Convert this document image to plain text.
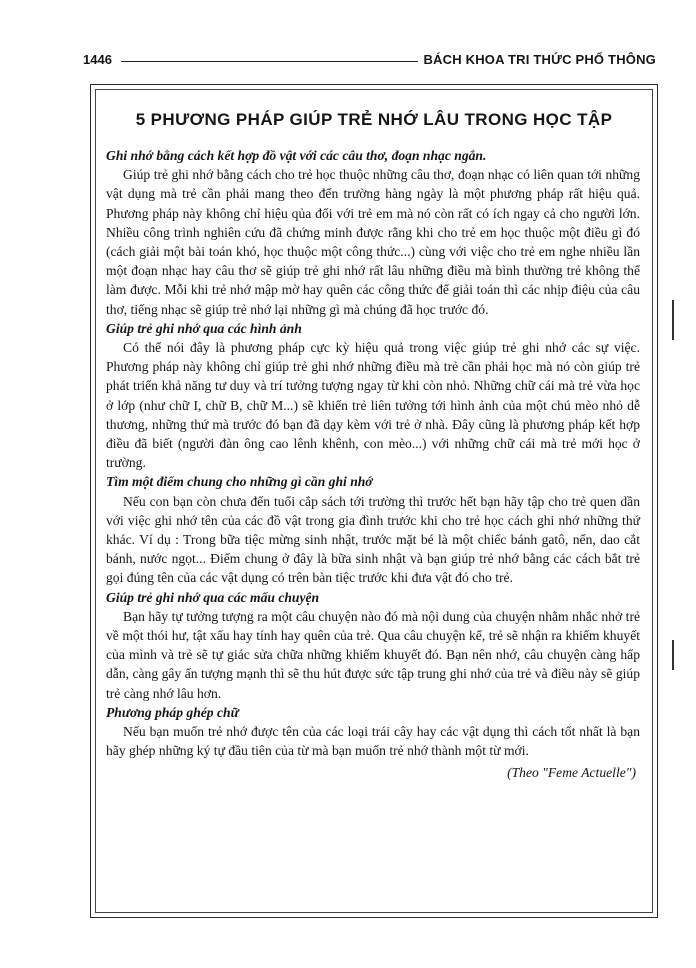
1446	BÁCH KHOA TRI THỨC PHỔ THÔNG
5 PHƯƠNG PHÁP GIÚP TRẺ NHỚ LÂU TRONG HỌC TẬP

Ghi nhớ bằng cách kết hợp đồ vật với các câu thơ, đoạn nhạc ngắn.

Giúp trẻ ghi nhớ bằng cách cho trẻ học thuộc những câu thơ, đoạn nhạc có liên quan tới những vật dụng mà trẻ cần phải mang theo đến trường hàng ngày là một phương pháp rất hiệu quả. Phương pháp này không chỉ hiệu qủa đối với trẻ em mà nó còn rất có ích ngay cả cho người lớn. Nhiều công trình nghiên cứu đã chứng minh được rằng khi cho trẻ em học thuộc một điều gì đó (cách giải một bài toán khó, học thuộc một công thức...) cùng với việc cho trẻ em nghe nhiều lần một đoạn nhạc hay câu thơ sẽ giúp trẻ ghi nhớ rất lâu những điều mà bình thường trẻ không thể làm được. Mỗi khi trẻ nhớ mập mờ hay quên các công thức để giải toán thì các nhịp điệu của câu thơ, tiếng nhạc sẽ giúp trẻ nhớ lại những gì mà chúng đã học trước đó.

Giúp trẻ ghi nhớ qua các hình ảnh

Có thể nói đây là phương pháp cực kỳ hiệu quả trong việc giúp trẻ ghi nhớ các sự việc. Phương pháp này không chỉ giúp trẻ ghi nhớ những điều mà trẻ cần phải học mà nó còn giúp trẻ phát triển khả năng tư duy và trí tưởng tượng ngay từ khi còn nhỏ. Những chữ cái mà trẻ vừa học ở lớp (như chữ I, chữ B, chữ M...) sẽ khiến trẻ liên tưởng tới hình ảnh của một chú mèo nhỏ dễ thương, những thứ mà trước đó bạn đã dạy kèm với trẻ ở nhà. Đây cũng là phương pháp kết hợp điều đã biết (người đàn ông cao lênh khênh, con mèo...) với những chữ cái mà trẻ mới học ở trường.

Tìm một điểm chung cho những gì cần ghi nhớ

Nếu con bạn còn chưa đến tuổi cắp sách tới trường thì trước hết bạn hãy tập cho trẻ quen dần với việc ghi nhớ tên của các đồ vật trong gia đình trước khi cho trẻ học cách ghi nhớ những thứ khác. Ví dụ : Trong bữa tiệc mừng sinh nhật, trước mặt bé là một chiếc bánh gatô, nến, dao cắt bánh, nước ngọt... Điểm chung ở đây là bữa sinh nhật và bạn giúp trẻ nhớ bằng các cách bắt trẻ gọi đúng tên của các vật dụng có trên bàn tiệc trước khi đưa vật đó cho trẻ.

Giúp trẻ ghi nhớ qua các mẩu chuyện

Bạn hãy tự tưởng tượng ra một câu chuyện nào đó mà nội dung của chuyện nhằm nhắc nhở trẻ về một thói hư, tật xấu hay tính hay quên của trẻ. Qua câu chuyện kể, trẻ sẽ nhận ra khiếm khuyết của mình và trẻ sẽ tự giác sửa chữa những khiếm khuyết đó. Bạn nên nhớ, câu chuyện càng hấp dẫn, càng gây ấn tượng mạnh thì sẽ thu hút được sức tập trung ghi nhớ của trẻ và điều này sẽ giúp trẻ càng nhớ lâu hơn.

Phương pháp ghép chữ

Nếu bạn muốn trẻ nhớ được tên của các loại trái cây hay các vật dụng thì cách tốt nhất là bạn hãy ghép những ký tự đầu tiên của từ mà bạn muốn trẻ nhớ thành một từ mới.

(Theo "Feme Actuelle")
